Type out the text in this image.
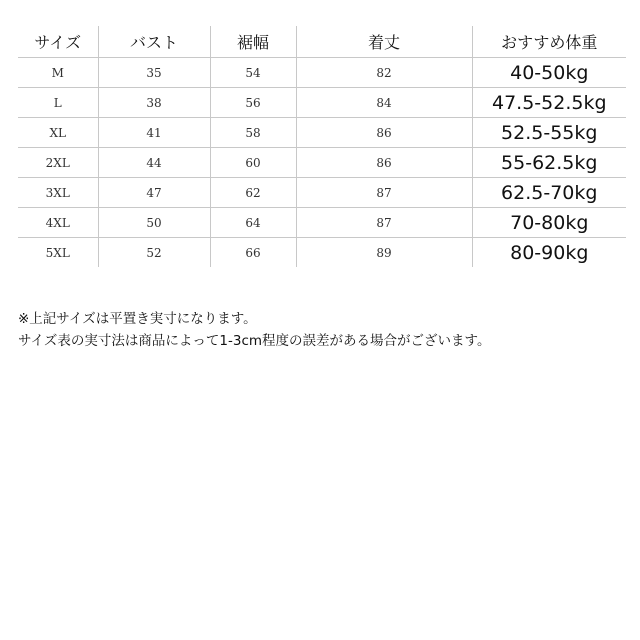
サイズ	バスト	裾幅	着丈	おすすめ体重
M	35	54	82	40-50kg
L	38	56	84	47.5-52.5kg
XL	41	58	86	52.5-55kg
2XL	44	60	86	55-62.5kg
3XL	47	62	87	62.5-70kg
4XL	50	64	87	70-80kg
5XL	52	66	89	80-90kg

※上記サイズは平置き実寸になります。

サイズ表の実寸法は商品によって1-3cm程度の誤差がある場合がございます。
